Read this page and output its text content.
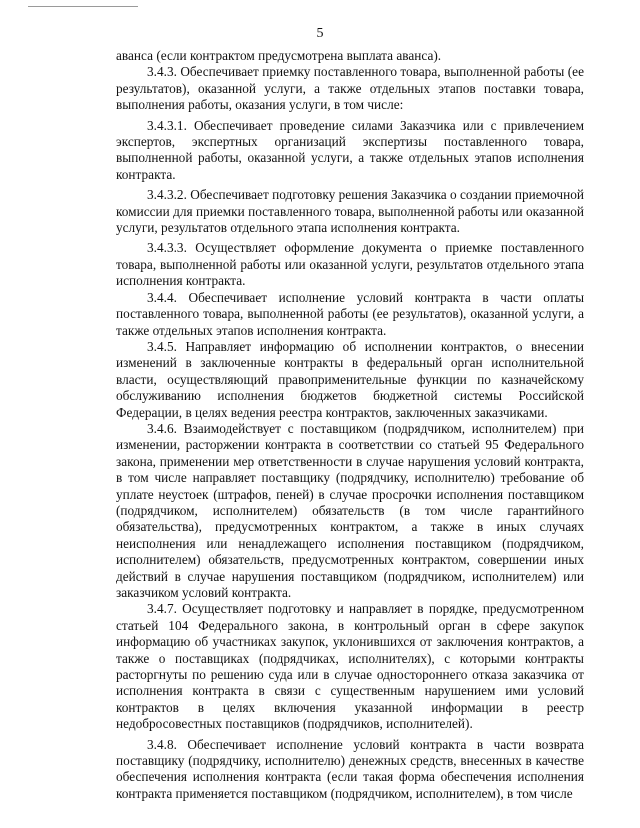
5

аванса (если контрактом предусмотрена выплата аванса).

3.4.3. Обеспечивает приемку поставленного товара, выполненной работы (ее результатов), оказанной услуги, а также отдельных этапов поставки товара, выполнения работы, оказания услуги, в том числе:

3.4.3.1. Обеспечивает проведение силами Заказчика или с привлечением экспертов, экспертных организаций экспертизы поставленного товара, выполненной работы, оказанной услуги, а также отдельных этапов исполнения контракта.

3.4.3.2. Обеспечивает подготовку решения Заказчика о создании приемочной комиссии для приемки поставленного товара, выполненной работы или оказанной услуги, результатов отдельного этапа исполнения контракта.

3.4.3.3. Осуществляет оформление документа о приемке поставленного товара, выполненной работы или оказанной услуги, результатов отдельного этапа исполнения контракта.

3.4.4. Обеспечивает исполнение условий контракта в части оплаты поставленного товара, выполненной работы (ее результатов), оказанной услуги, а также отдельных этапов исполнения контракта.

3.4.5. Направляет информацию об исполнении контрактов, о внесении изменений в заключенные контракты в федеральный орган исполнительной власти, осуществляющий правоприменительные функции по казначейскому обслуживанию исполнения бюджетов бюджетной системы Российской Федерации, в целях ведения реестра контрактов, заключенных заказчиками.

3.4.6. Взаимодействует с поставщиком (подрядчиком, исполнителем) при изменении, расторжении контракта в соответствии со статьей 95 Федерального закона, применении мер ответственности в случае нарушения условий контракта, в том числе направляет поставщику (подрядчику, исполнителю) требование об уплате неустоек (штрафов, пеней) в случае просрочки исполнения поставщиком (подрядчиком, исполнителем) обязательств (в том числе гарантийного обязательства), предусмотренных контрактом, а также в иных случаях неисполнения или ненадлежащего исполнения поставщиком (подрядчиком, исполнителем) обязательств, предусмотренных контрактом, совершении иных действий в случае нарушения поставщиком (подрядчиком, исполнителем) или заказчиком условий контракта.

3.4.7. Осуществляет подготовку и направляет в порядке, предусмотренном статьей 104 Федерального закона, в контрольный орган в сфере закупок информацию об участниках закупок, уклонившихся от заключения контрактов, а также о поставщиках (подрядчиках, исполнителях), с которыми контракты расторгнуты по решению суда или в случае одностороннего отказа заказчика от исполнения контракта в связи с существенным нарушением ими условий контрактов в целях включения указанной информации в реестр недобросовестных поставщиков (подрядчиков, исполнителей).

3.4.8. Обеспечивает исполнение условий контракта в части возврата поставщику (подрядчику, исполнителю) денежных средств, внесенных в качестве обеспечения исполнения контракта (если такая форма обеспечения исполнения контракта применяется поставщиком (подрядчиком, исполнителем), в том числе
